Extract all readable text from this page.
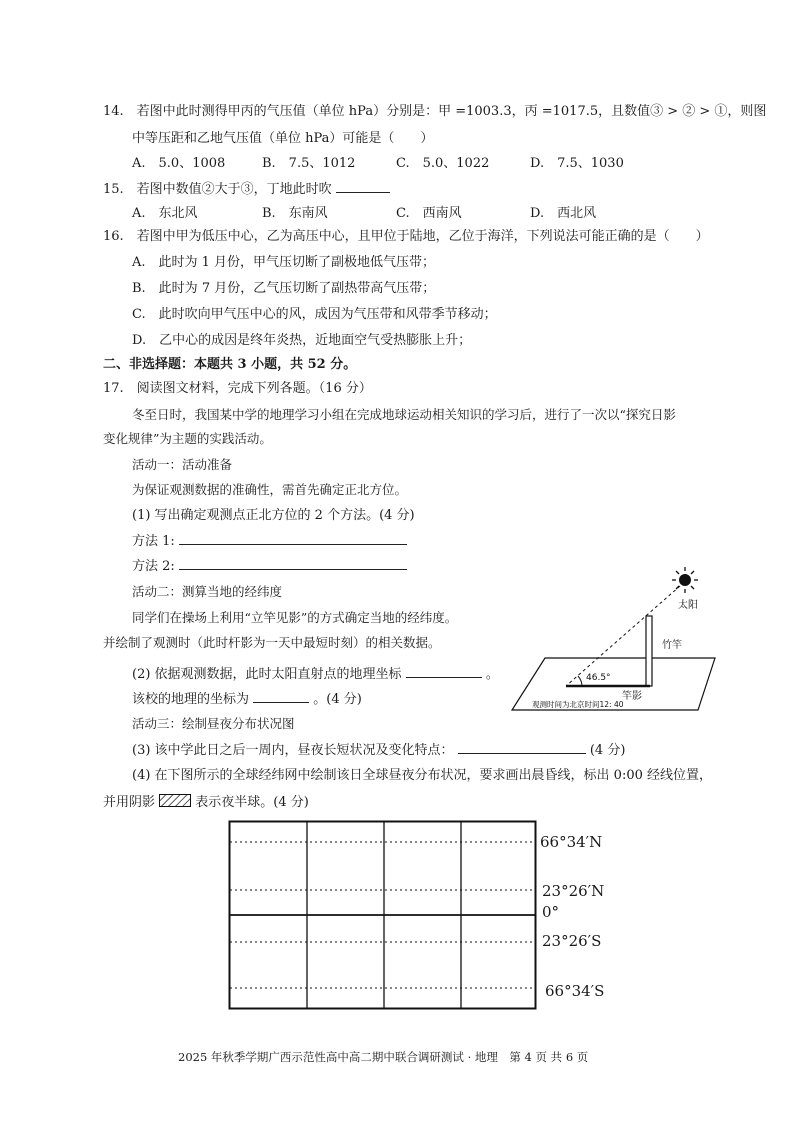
14.　若图中此时测得甲丙的气压值（单位 hPa）分别是：甲 =1003.3，丙 =1017.5，且数值③ > ② > ①，则图
中等压距和乙地气压值（单位 hPa）可能是（　　）
A.　5.0、1008	B.　7.5、1012	C.　5.0、1022	D.　7.5、1030
15.　若图中数值②大于③，丁地此时吹
A.　东北风	B.　东南风	C.　西南风	D.　西北风
16.　若图中甲为低压中心，乙为高压中心，且甲位于陆地，乙位于海洋，下列说法可能正确的是（　　）
A.　此时为 1 月份，甲气压切断了副极地低气压带；
B.　此时为 7 月份，乙气压切断了副热带高气压带；
C.　此时吹向甲气压中心的风，成因为气压带和风带季节移动；
D.　乙中心的成因是终年炎热，近地面空气受热膨胀上升；
二、非选择题：本题共 3 小题，共 52 分。
17.　阅读图文材料，完成下列各题。（16 分）
冬至日时，我国某中学的地理学习小组在完成地球运动相关知识的学习后，进行了一次以“探究日影
变化规律”为主题的实践活动。
活动一：活动准备
为保证观测数据的准确性，需首先确定正北方位。
(1) 写出确定观测点正北方位的 2 个方法。(4 分)
方法 1:
方法 2:
活动二：测算当地的经纬度
同学们在操场上利用“立竿见影”的方式确定当地的经纬度。
并绘制了观测时（此时杆影为一天中最短时刻）的相关数据。
(2) 依据观测数据，此时太阳直射点的地理坐标	。
该校的地理的坐标为	。(4 分)
太阳
竹竿
46.5°
竿影
观测时间为北京时间12: 40
活动三：绘制昼夜分布状况图
(3) 该中学此日之后一周内，昼夜长短状况及变化特点：	(4 分)
(4) 在下图所示的全球经纬网中绘制该日全球昼夜分布状况，要求画出晨昏线，标出 0:00 经线位置，
并用阴影	表示夜半球。(4 分)
66°34′N
23°26′N
0°
23°26′S
66°34′S
2025 年秋季学期广西示范性高中高二期中联合调研测试 · 地理　第 4 页 共 6 页
